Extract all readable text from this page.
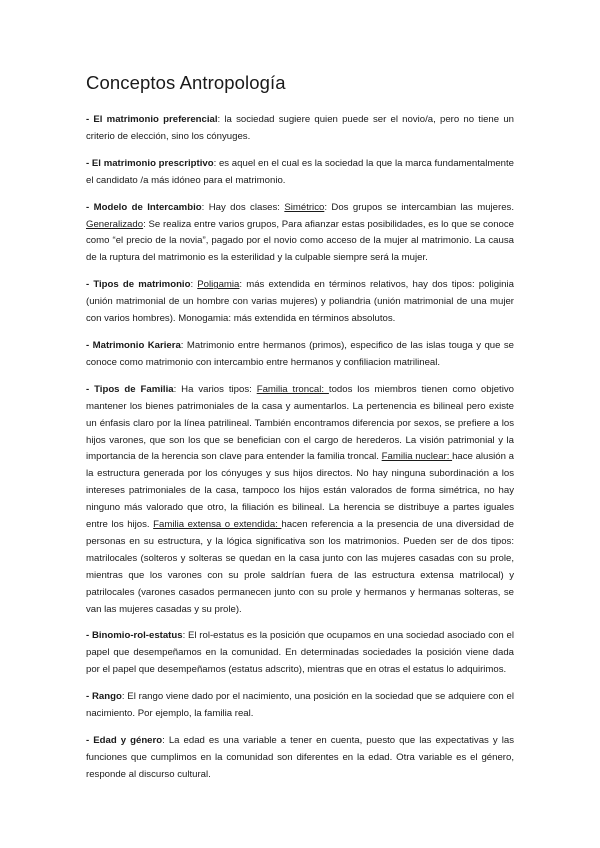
Conceptos Antropología

- El matrimonio preferencial: la sociedad sugiere quien puede ser el novio/a, pero no tiene un criterio de elección, sino los cónyuges.

- El matrimonio prescriptivo: es aquel en el cual es la sociedad la que la marca fundamentalmente el candidato /a más idóneo para el matrimonio.

- Modelo de Intercambio: Hay dos clases: Simétrico: Dos grupos se intercambian las mujeres. Generalizado: Se realiza entre varios grupos, Para afianzar estas posibilidades, es lo que se conoce como “el precio de la novia”, pagado por el novio como acceso de la mujer al matrimonio. La causa de la ruptura del matrimonio es la esterilidad y la culpable siempre será la mujer.

- Tipos de matrimonio: Poligamia: más extendida en términos relativos, hay dos tipos: poliginia (unión matrimonial de un hombre con varias mujeres) y poliandria (unión matrimonial de una mujer con varios hombres). Monogamia: más extendida en términos absolutos.

- Matrimonio Kariera: Matrimonio entre hermanos (primos), especifico de las islas touga y que se conoce como matrimonio con intercambio entre hermanos y confiliacion matrilineal.

- Tipos de Familia: Ha varios tipos: Familia troncal: todos los miembros tienen como objetivo mantener los bienes patrimoniales de la casa y aumentarlos. La pertenencia es bilineal pero existe un énfasis claro por la línea patrilineal. También encontramos diferencia por sexos, se prefiere a los hijos varones, que son los que se benefician con el cargo de herederos. La visión patrimonial y la importancia de la herencia son clave para entender la familia troncal. Familia nuclear: hace alusión a la estructura generada por los cónyuges y sus hijos directos. No hay ninguna subordinación a los intereses patrimoniales de la casa, tampoco los hijos están valorados de forma simétrica, no hay ninguno más valorado que otro, la filiación es bilineal. La herencia se distribuye a partes iguales entre los hijos. Familia extensa o extendida: hacen referencia a la presencia de una diversidad de personas en su estructura, y la lógica significativa son los matrimonios. Pueden ser de dos tipos: matrilocales (solteros y solteras se quedan en la casa junto con las mujeres casadas con su prole, mientras que los varones con su prole saldrían fuera de las estructura extensa matrilocal) y patrilocales (varones casados permanecen junto con su prole y hermanos y hermanas solteras, se van las mujeres casadas y su prole).

- Binomio-rol-estatus: El rol-estatus es la posición que ocupamos en una sociedad asociado con el papel que desempeñamos en la comunidad. En determinadas sociedades la posición viene dada por el papel que desempeñamos (estatus adscrito), mientras que en otras el estatus lo adquirimos.

- Rango: El rango viene dado por el nacimiento, una posición en la sociedad que se adquiere con el nacimiento. Por ejemplo, la familia real.

- Edad y género: La edad es una variable a tener en cuenta, puesto que las expectativas y las funciones que cumplimos en la comunidad son diferentes en la edad. Otra variable es el género, responde al discurso cultural.
